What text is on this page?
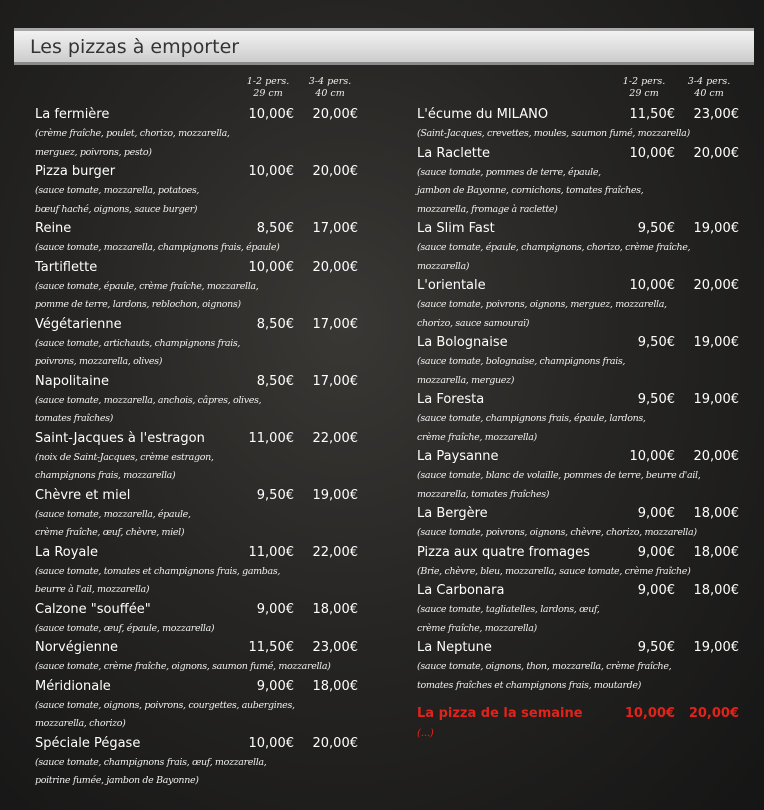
Les pizzas à emporter
1-2 pers.
29 cm
3-4 pers.
40 cm
La fermière	10,00€ 20,00€
(crème fraîche, poulet, chorizo, mozzarella,
merguez, poivrons, pesto)
Pizza burger	10,00€ 20,00€
(sauce tomate, mozzarella, potatoes,
bœuf haché, oignons, sauce burger)
Reine	8,50€ 17,00€
(sauce tomate, mozzarella, champignons frais, épaule)
Tartiflette	10,00€ 20,00€
(sauce tomate, épaule, crème fraîche, mozzarella,
pomme de terre, lardons, reblochon, oignons)
Végétarienne	8,50€ 17,00€
(sauce tomate, artichauts, champignons frais,
poivrons, mozzarella, olives)
Napolitaine	8,50€ 17,00€
(sauce tomate, mozzarella, anchois, câpres, olives,
tomates fraîches)
Saint-Jacques à l'estragon	11,00€ 22,00€
(noix de Saint-Jacques, crème estragon,
champignons frais, mozzarella)
Chèvre et miel	9,50€ 19,00€
(sauce tomate, mozzarella, épaule,
crème fraîche, œuf, chèvre, miel)
La Royale	11,00€ 22,00€
(sauce tomate, tomates et champignons frais, gambas,
beurre à l'ail, mozzarella)
Calzone "souffée"	9,00€ 18,00€
(sauce tomate, œuf, épaule, mozzarella)
Norvégienne	11,50€ 23,00€
(sauce tomate, crème fraîche, oignons, saumon fumé, mozzarella)
Méridionale	9,00€ 18,00€
(sauce tomate, oignons, poivrons, courgettes, aubergines,
mozzarella, chorizo)
Spéciale Pégase	10,00€ 20,00€
(sauce tomate, champignons frais, œuf, mozzarella,
poitrine fumée, jambon de Bayonne)
1-2 pers.
29 cm
3-4 pers.
40 cm
L'écume du MILANO	11,50€ 23,00€
(Saint-Jacques, crevettes, moules, saumon fumé, mozzarella)
La Raclette	10,00€ 20,00€
(sauce tomate, pommes de terre, épaule,
jambon de Bayonne, cornichons, tomates fraîches,
mozzarella, fromage à raclette)
La Slim Fast	9,50€ 19,00€
(sauce tomate, épaule, champignons, chorizo, crème fraîche,
mozzarella)
L'orientale	10,00€ 20,00€
(sauce tomate, poivrons, oignons, merguez, mozzarella,
chorizo, sauce samouraï)
La Bolognaise	9,50€ 19,00€
(sauce tomate, bolognaise, champignons frais,
mozzarella, merguez)
La Foresta	9,50€ 19,00€
(sauce tomate, champignons frais, épaule, lardons,
crème fraîche, mozzarella)
La Paysanne	10,00€ 20,00€
(sauce tomate, blanc de volaille, pommes de terre, beurre d'ail,
mozzarella, tomates fraîches)
La Bergère	9,00€ 18,00€
(sauce tomate, poivrons, oignons, chèvre, chorizo, mozzarella)
Pizza aux quatre fromages	9,00€ 18,00€
(Brie, chèvre, bleu, mozzarella, sauce tomate, crème fraîche)
La Carbonara	9,00€ 18,00€
(sauce tomate, tagliatelles, lardons, œuf,
crème fraîche, mozzarella)
La Neptune	9,50€ 19,00€
(sauce tomate, oignons, thon, mozzarella, crème fraîche,
tomates fraîches et champignons frais, moutarde)
La pizza de la semaine	10,00€ 20,00€
(...)
